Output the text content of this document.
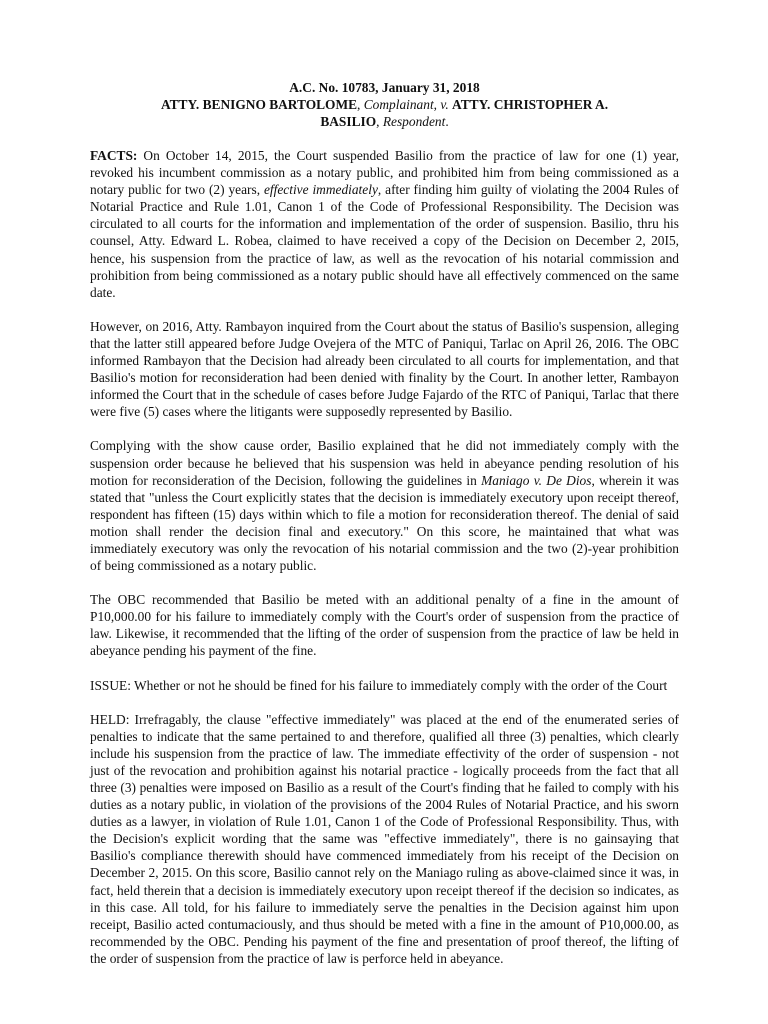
A.C. No. 10783, January 31, 2018
ATTY. BENIGNO BARTOLOME, Complainant, v. ATTY. CHRISTOPHER A.
BASILIO, Respondent.

FACTS: On October 14, 2015, the Court suspended Basilio from the practice of law for one (1) year, revoked his incumbent commission as a notary public, and prohibited him from being commissioned as a notary public for two (2) years, effective immediately, after finding him guilty of violating the 2004 Rules of Notarial Practice and Rule 1.01, Canon 1 of the Code of Professional Responsibility. The Decision was circulated to all courts for the information and implementation of the order of suspension. Basilio, thru his counsel, Atty. Edward L. Robea, claimed to have received a copy of the Decision on December 2, 20I5, hence, his suspension from the practice of law, as well as the revocation of his notarial commission and prohibition from being commissioned as a notary public should have all effectively commenced on the same date.

However, on 2016, Atty. Rambayon inquired from the Court about the status of Basilio's suspension, alleging that the latter still appeared before Judge Ovejera of the MTC of Paniqui, Tarlac on April 26, 20I6. The OBC informed Rambayon that the Decision had already been circulated to all courts for implementation, and that Basilio's motion for reconsideration had been denied with finality by the Court. In another letter, Rambayon informed the Court that in the schedule of cases before Judge Fajardo of the RTC of Paniqui, Tarlac that there were five (5) cases where the litigants were supposedly represented by Basilio.

Complying with the show cause order, Basilio explained that he did not immediately comply with the suspension order because he believed that his suspension was held in abeyance pending resolution of his motion for reconsideration of the Decision, following the guidelines in Maniago v. De Dios, wherein it was stated that "unless the Court explicitly states that the decision is immediately executory upon receipt thereof, respondent has fifteen (15) days within which to file a motion for reconsideration thereof. The denial of said motion shall render the decision final and executory." On this score, he maintained that what was immediately executory was only the revocation of his notarial commission and the two (2)-year prohibition of being commissioned as a notary public.

The OBC recommended that Basilio be meted with an additional penalty of a fine in the amount of P10,000.00 for his failure to immediately comply with the Court's order of suspension from the practice of law. Likewise, it recommended that the lifting of the order of suspension from the practice of law be held in abeyance pending his payment of the fine.

ISSUE: Whether or not he should be fined for his failure to immediately comply with the order of the Court

HELD: Irrefragably, the clause "effective immediately" was placed at the end of the enumerated series of penalties to indicate that the same pertained to and therefore, qualified all three (3) penalties, which clearly include his suspension from the practice of law. The immediate effectivity of the order of suspension - not just of the revocation and prohibition against his notarial practice - logically proceeds from the fact that all three (3) penalties were imposed on Basilio as a result of the Court's finding that he failed to comply with his duties as a notary public, in violation of the provisions of the 2004 Rules of Notarial Practice, and his sworn duties as a lawyer, in violation of Rule 1.01, Canon 1 of the Code of Professional Responsibility. Thus, with the Decision's explicit wording that the same was "effective immediately", there is no gainsaying that Basilio's compliance therewith should have commenced immediately from his receipt of the Decision on December 2, 2015. On this score, Basilio cannot rely on the Maniago ruling as above-claimed since it was, in fact, held therein that a decision is immediately executory upon receipt thereof if the decision so indicates, as in this case. All told, for his failure to immediately serve the penalties in the Decision against him upon receipt, Basilio acted contumaciously, and thus should be meted with a fine in the amount of P10,000.00, as recommended by the OBC. Pending his payment of the fine and presentation of proof thereof, the lifting of the order of suspension from the practice of law is perforce held in abeyance.
